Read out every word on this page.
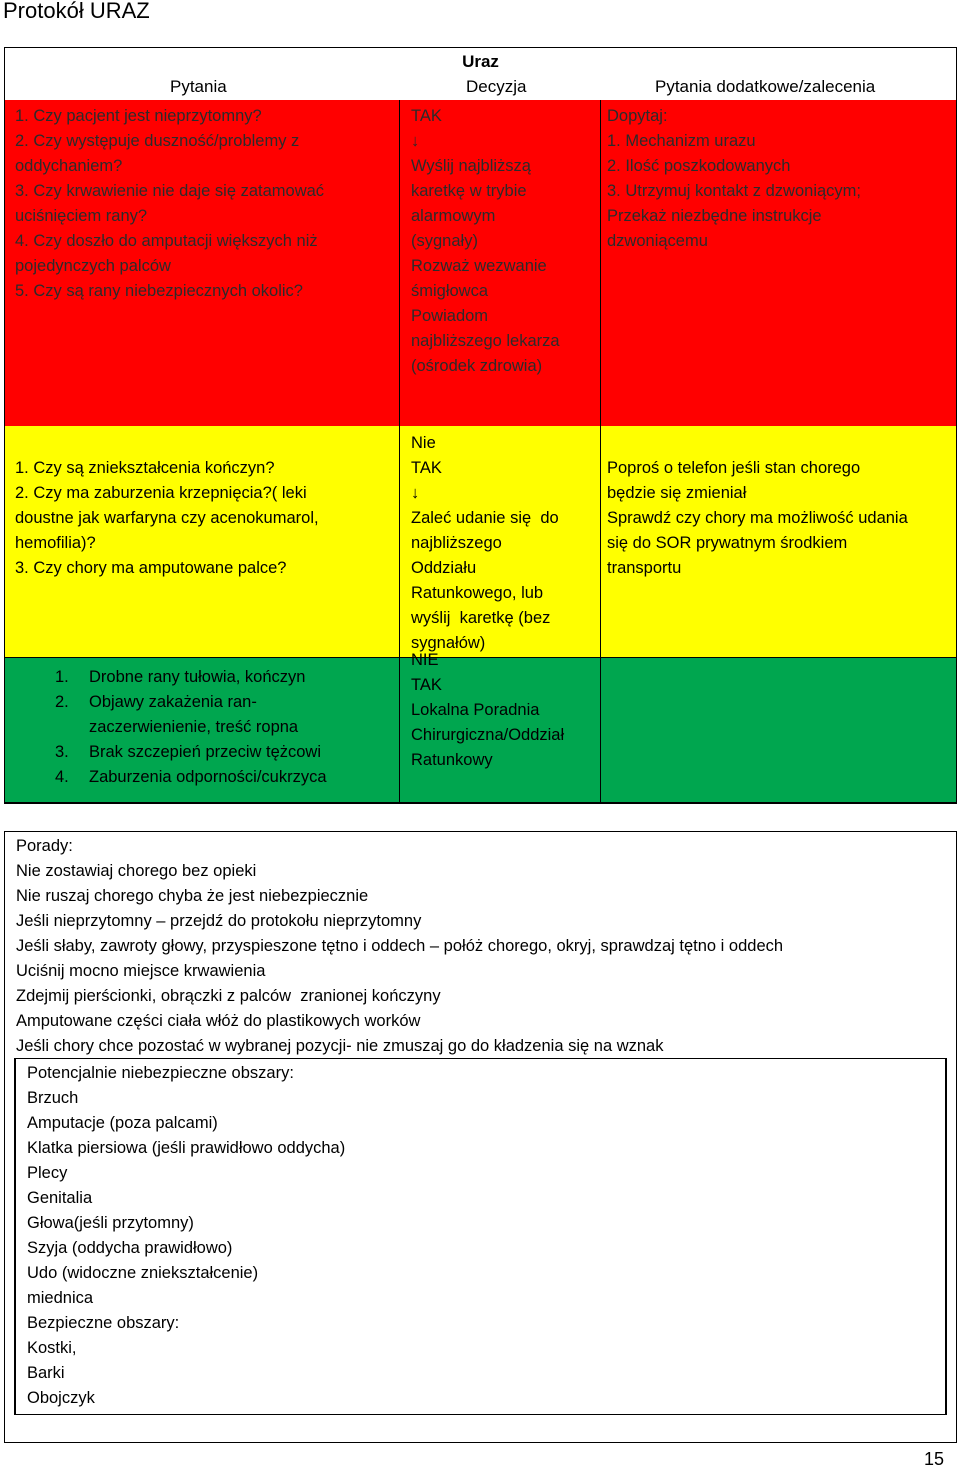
Protokół URAZ
Uraz
Pytania	Decyzja	Pytania dodatkowe/zalecenia
1. Czy pacjent jest nieprzytomny?
2. Czy występuje duszność/problemy z
oddychaniem?
3. Czy krwawienie nie daje się zatamować
uciśnięciem rany?
4. Czy doszło do amputacji większych niż
pojedynczych palców
5. Czy są rany niebezpiecznych okolic?
TAK
↓
Wyślij najbliższą
karetkę w trybie
alarmowym
(sygnały)
Rozważ wezwanie
śmigłowca
Powiadom
najbliższego lekarza
(ośrodek zdrowia)
Dopytaj:
1. Mechanizm urazu
2. Ilość poszkodowanych
3. Utrzymuj kontakt z dzwoniącym;
Przekaż niezbędne instrukcje
dzwoniącemu
1. Czy są zniekształcenia kończyn?
2. Czy ma zaburzenia krzepnięcia?( leki
doustne jak warfaryna czy acenokumarol,
hemofilia)?
3. Czy chory ma amputowane palce?
Nie
TAK
↓
Zaleć udanie się  do
najbliższego
Oddziału
Ratunkowego, lub
wyślij  karetkę (bez
sygnałów)
Poproś o telefon jeśli stan chorego
będzie się zmieniał
Sprawdź czy chory ma możliwość udania
się do SOR prywatnym środkiem
transportu
1. Drobne rany tułowia, kończyn
2. Objawy zakażenia ran-
zaczerwienienie, treść ropna
3. Brak szczepień przeciw tężcowi
4. Zaburzenia odporności/cukrzyca
NIE
TAK
Lokalna Poradnia
Chirurgiczna/Oddział
Ratunkowy
Porady:
Nie zostawiaj chorego bez opieki
Nie ruszaj chorego chyba że jest niebezpiecznie
Jeśli nieprzytomny – przejdź do protokołu nieprzytomny
Jeśli słaby, zawroty głowy, przyspieszone tętno i oddech – połóż chorego, okryj, sprawdzaj tętno i oddech
Uciśnij mocno miejsce krwawienia
Zdejmij pierścionki, obrączki z palców  zranionej kończyny
Amputowane części ciała włóż do plastikowych worków
Jeśli chory chce pozostać w wybranej pozycji- nie zmuszaj go do kładzenia się na wznak
Potencjalnie niebezpieczne obszary:
Brzuch
Amputacje (poza palcami)
Klatka piersiowa (jeśli prawidłowo oddycha)
Plecy
Genitalia
Głowa(jeśli przytomny)
Szyja (oddycha prawidłowo)
Udo (widoczne zniekształcenie)
miednica
Bezpieczne obszary:
Kostki,
Barki
Obojczyk
15
